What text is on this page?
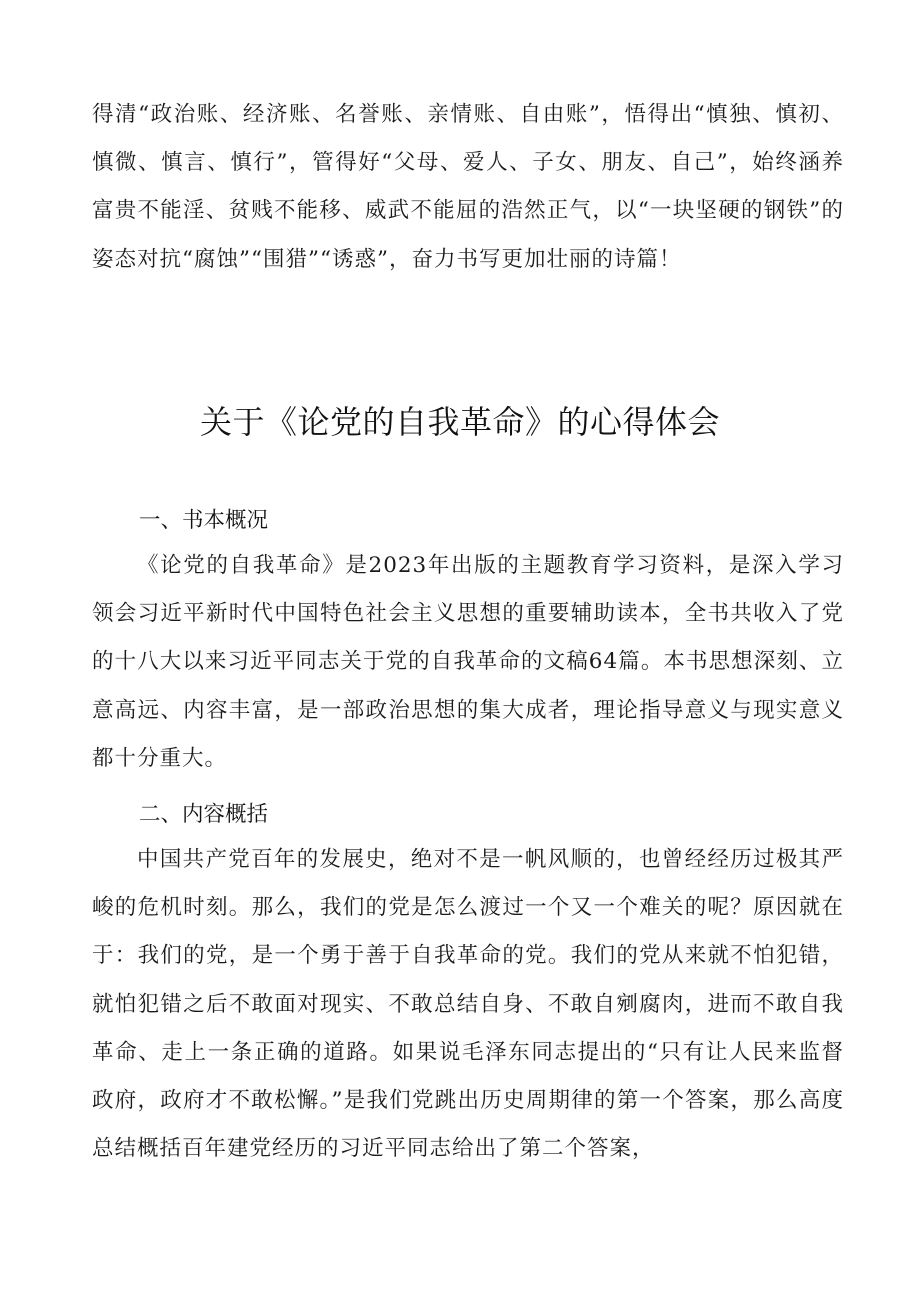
得清“政治账、经济账、名誉账、亲情账、自由账”，悟得出“慎独、慎初、慎微、慎言、慎行”，管得好“父母、爱人、子女、朋友、自己”，始终涵养富贵不能淫、贫贱不能移、威武不能屈的浩然正气，以“一块坚硬的钢铁”的姿态对抗“腐蚀”“围猎”“诱惑”，奋力书写更加壮丽的诗篇！

关于《论党的自我革命》的心得体会
一、书本概况

《论党的自我革命》是2023年出版的主题教育学习资料，是深入学习领会习近平新时代中国特色社会主义思想的重要辅助读本，全书共收入了党的十八大以来习近平同志关于党的自我革命的文稿64篇。本书思想深刻、立意高远、内容丰富，是一部政治思想的集大成者，理论指导意义与现实意义都十分重大。

二、内容概括

中国共产党百年的发展史，绝对不是一帆风顺的，也曾经经历过极其严峻的危机时刻。那么，我们的党是怎么渡过一个又一个难关的呢？原因就在于：我们的党，是一个勇于善于自我革命的党。我们的党从来就不怕犯错，就怕犯错之后不敢面对现实、不敢总结自身、不敢自剜腐肉，进而不敢自我革命、走上一条正确的道路。如果说毛泽东同志提出的“只有让人民来监督政府，政府才不敢松懈。”是我们党跳出历史周期律的第一个答案，那么高度总结概括百年建党经历的习近平同志给出了第二个答案，
